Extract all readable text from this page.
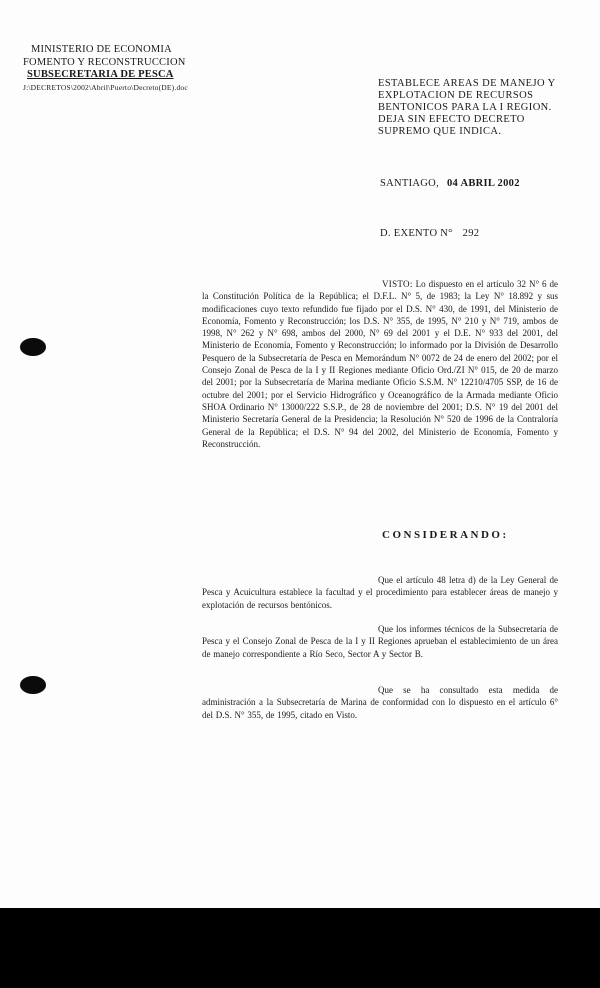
MINISTERIO DE ECONOMIA
FOMENTO Y RECONSTRUCCION
SUBSECRETARIA DE PESCA
J:\DECRETOS\2002\Abril\Puerto\Decreto(DE).doc	ESTABLECE AREAS DE MANEJO Y
EXPLOTACION DE RECURSOS
BENTONICOS PARA LA I REGION.
DEJA SIN EFECTO DECRETO
SUPREMO QUE INDICA.
SANTIAGO, 04 ABRIL 2002
D. EXENTO N° 292
VISTO: Lo dispuesto en el artículo 32 N° 6 de la Constitución Política de la República; el D.F.L. N° 5, de 1983; la Ley N° 18.892 y sus modificaciones cuyo texto refundido fue fijado por el D.S. N° 430, de 1991, del Ministerio de Economía, Fomento y Reconstrucción; los D.S. N° 355, de 1995, N° 210 y N° 719, ambos de 1998, N° 262 y N° 698, ambos del 2000, N° 69 del 2001 y el D.E. N° 933 del 2001, del Ministerio de Economía, Fomento y Reconstrucción; lo informado por la División de Desarrollo Pesquero de la Subsecretaría de Pesca en Memorándum N° 0072 de 24 de enero del 2002; por el Consejo Zonal de Pesca de la I y II Regiones mediante Oficio Ord./ZI N° 015, de 20 de marzo del 2001; por la Subsecretaría de Marina mediante Oficio S.S.M. N° 12210/4705 SSP, de 16 de octubre del 2001; por el Servicio Hidrográfico y Oceanográfico de la Armada mediante Oficio SHOA Ordinario N° 13000/222 S.S.P., de 28 de noviembre del 2001; D.S. N° 19 del 2001 del Ministerio Secretaría General de la Presidencia; la Resolución N° 520 de 1996 de la Contraloría General de la República; el D.S. N° 94 del 2002, del Ministerio de Economía, Fomento y Reconstrucción.
CONSIDERANDO:
Que el artículo 48 letra d) de la Ley General de Pesca y Acuicultura establece la facultad y el procedimiento para establecer áreas de manejo y explotación de recursos bentónicos.
Que los informes técnicos de la Subsecretaría de Pesca y el Consejo Zonal de Pesca de la I y II Regiones aprueban el establecimiento de un área de manejo correspondiente a Río Seco, Sector A y Sector B.
Que se ha consultado esta medida de administración a la Subsecretaría de Marina de conformidad con lo dispuesto en el artículo 6° del D.S. N° 355, de 1995, citado en Visto.
